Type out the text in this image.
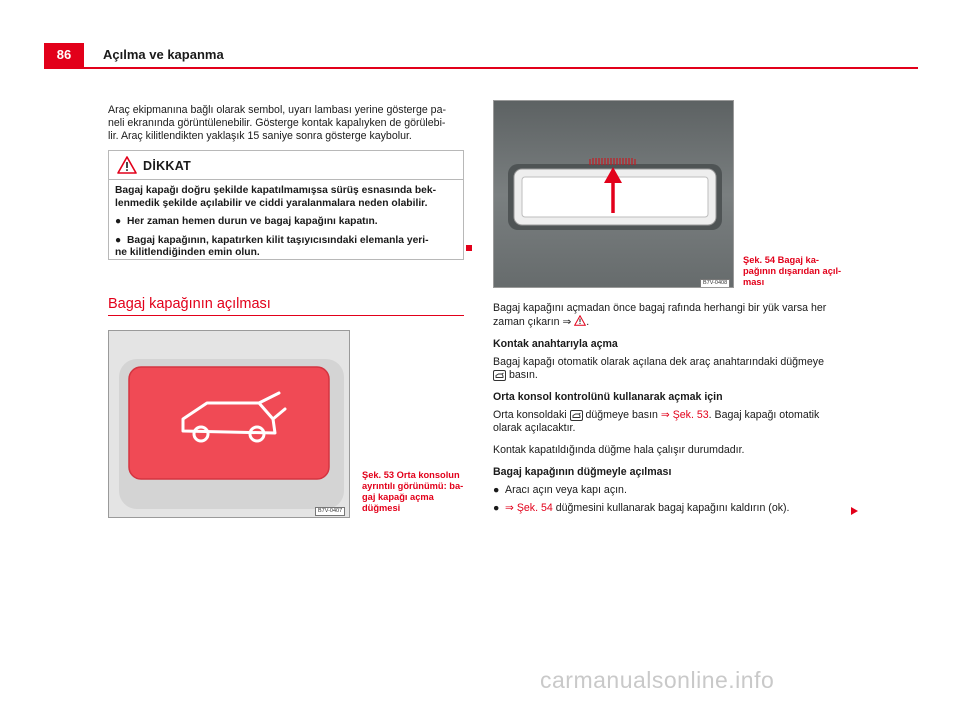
86	Açılma ve kapanma
Araç ekipmanına bağlı olarak sembol, uyarı lambası yerine gösterge pa-
neli ekranında görüntülenebilir. Gösterge kontak kapalıyken de görülebi-
lir. Araç kilitlendikten yaklaşık 15 saniye sonra gösterge kaybolur.
DİKKAT

Bagaj kapağı doğru şekilde kapatılmamışsa sürüş esnasında bek-
lenmedik şekilde açılabilir ve ciddi yaralanmalara neden olabilir.

● Her zaman hemen durun ve bagaj kapağını kapatın.

● Bagaj kapağının, kapatırken kilit taşıyıcısındaki elemanla yeri-
ne kilitlendiğinden emin olun.

Bagaj kapağının açılması
B7V-0407
Şek. 53 Orta konsolun
ayrıntılı görünümü: ba-
gaj kapağı açma
düğmesi
B7V-0408
Şek. 54 Bagaj ka-
pağının dışarıdan açıl-
ması
Bagaj kapağını açmadan önce bagaj rafında herhangi bir yük varsa her
zaman çıkarın ⇒ .
Kontak anahtarıyla açma
Bagaj kapağı otomatik olarak açılana dek araç anahtarındaki düğmeye
basın.
Orta konsol kontrolünü kullanarak açmak için
Orta konsoldaki
düğmeye basın ⇒ Şek. 53. Bagaj kapağı otomatik
olarak açılacaktır.
Kontak kapatıldığında düğme hala çalışır durumdadır.
Bagaj kapağının düğmeyle açılması
● Aracı açın veya kapı açın.
● ⇒ Şek. 54 düğmesini kullanarak bagaj kapağını kaldırın (ok).
carmanualsonline.info
